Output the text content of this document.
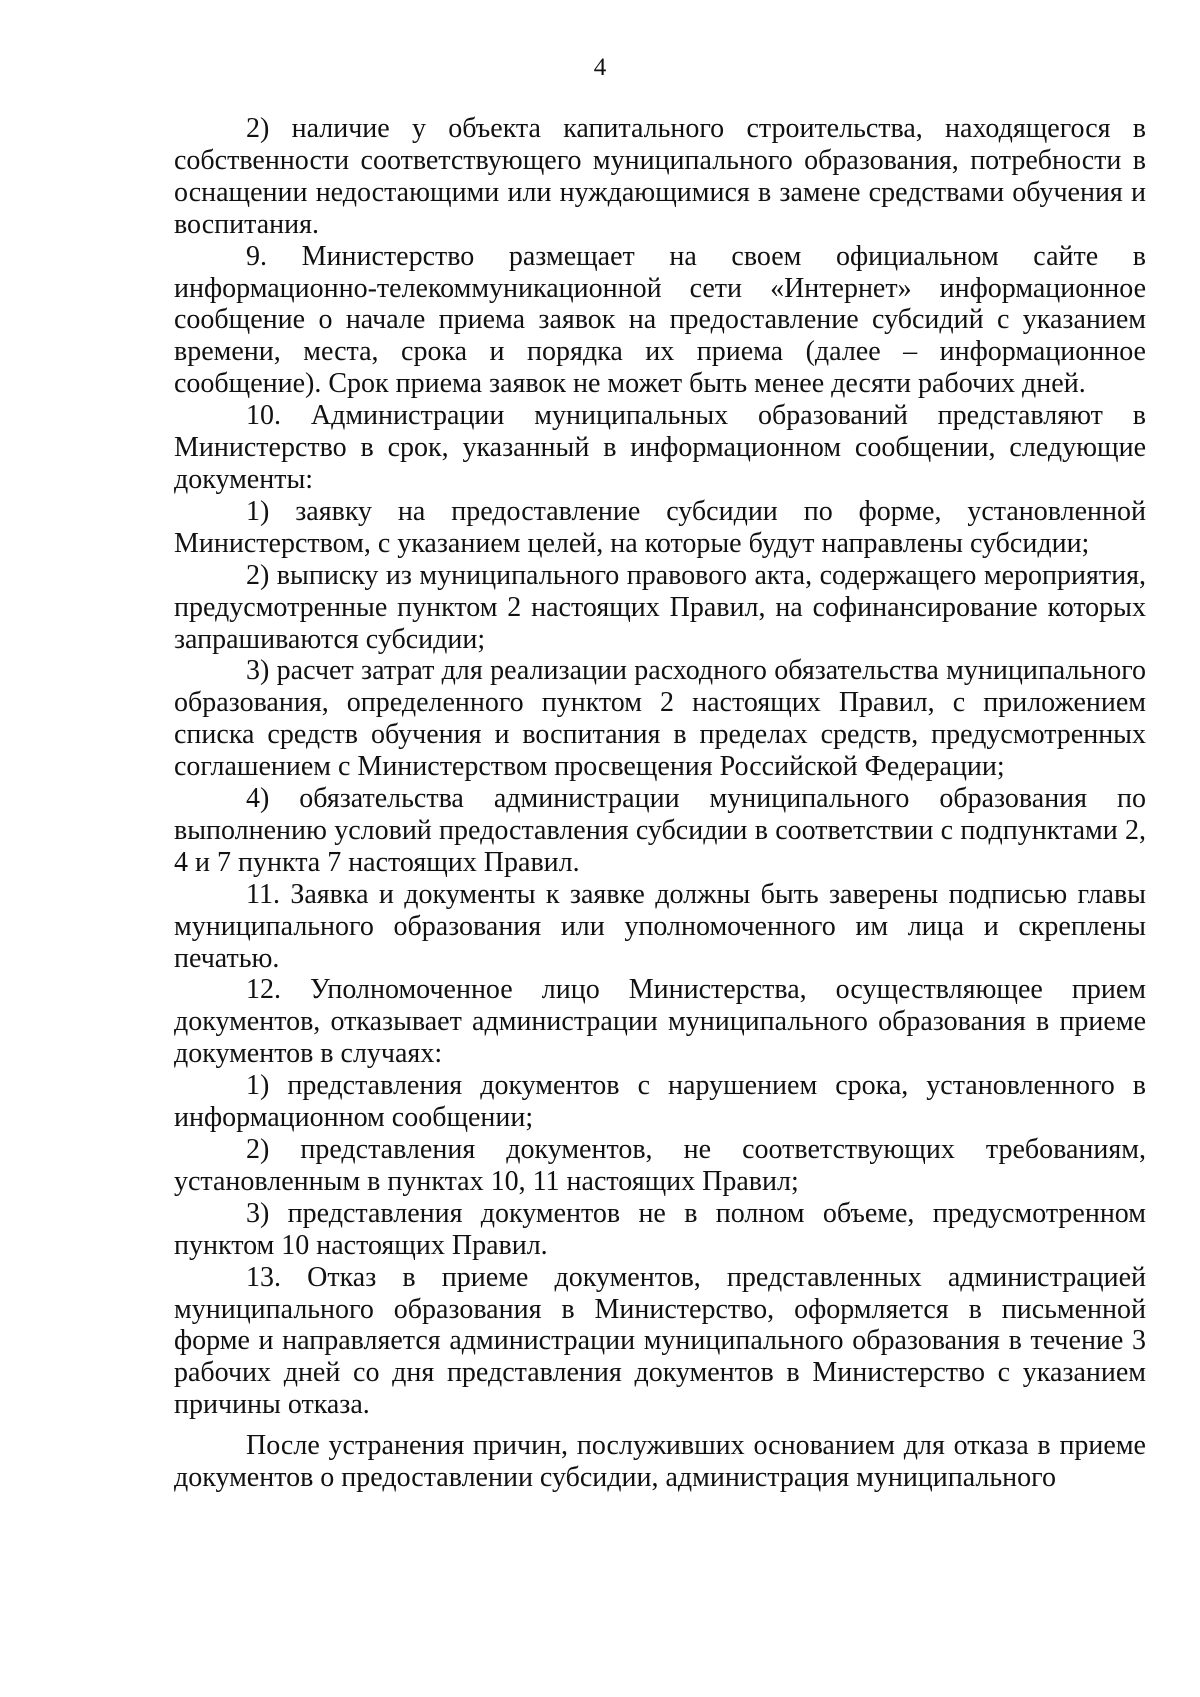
4

2) наличие у объекта капитального строительства, находящегося в собственности соответствующего муниципального образования, потребности в оснащении недостающими или нуждающимися в замене средствами обучения и воспитания.

9. Министерство размещает на своем официальном сайте в информационно-телекоммуникационной сети «Интернет» информационное сообщение о начале приема заявок на предоставление субсидий с указанием времени, места, срока и порядка их приема (далее – информационное сообщение). Срок приема заявок не может быть менее десяти рабочих дней.

10. Администрации муниципальных образований представляют в Министерство в срок, указанный в информационном сообщении, следующие документы:

1) заявку на предоставление субсидии по форме, установленной Министерством, с указанием целей, на которые будут направлены субсидии;

2) выписку из муниципального правового акта, содержащего мероприятия, предусмотренные пунктом 2 настоящих Правил, на софинансирование которых запрашиваются субсидии;

3) расчет затрат для реализации расходного обязательства муниципального образования, определенного пунктом 2 настоящих Правил, с приложением списка средств обучения и воспитания в пределах средств, предусмотренных соглашением с Министерством просвещения Российской Федерации;

4) обязательства администрации муниципального образования по выполнению условий предоставления субсидии в соответствии с подпунктами 2, 4 и 7 пункта 7 настоящих Правил.

11. Заявка и документы к заявке должны быть заверены подписью главы муниципального образования или уполномоченного им лица и скреплены печатью.

12. Уполномоченное лицо Министерства, осуществляющее прием документов, отказывает администрации муниципального образования в приеме документов в случаях:

1) представления документов с нарушением срока, установленного в информационном сообщении;

2) представления документов, не соответствующих требованиям, установленным в пунктах 10, 11 настоящих Правил;

3) представления документов не в полном объеме, предусмотренном пунктом 10 настоящих Правил.

13. Отказ в приеме документов, представленных администрацией муниципального образования в Министерство, оформляется в письменной форме и направляется администрации муниципального образования в течение 3 рабочих дней со дня представления документов в Министерство с указанием причины отказа.

После устранения причин, послуживших основанием для отказа в приеме документов о предоставлении субсидии, администрация муниципального
